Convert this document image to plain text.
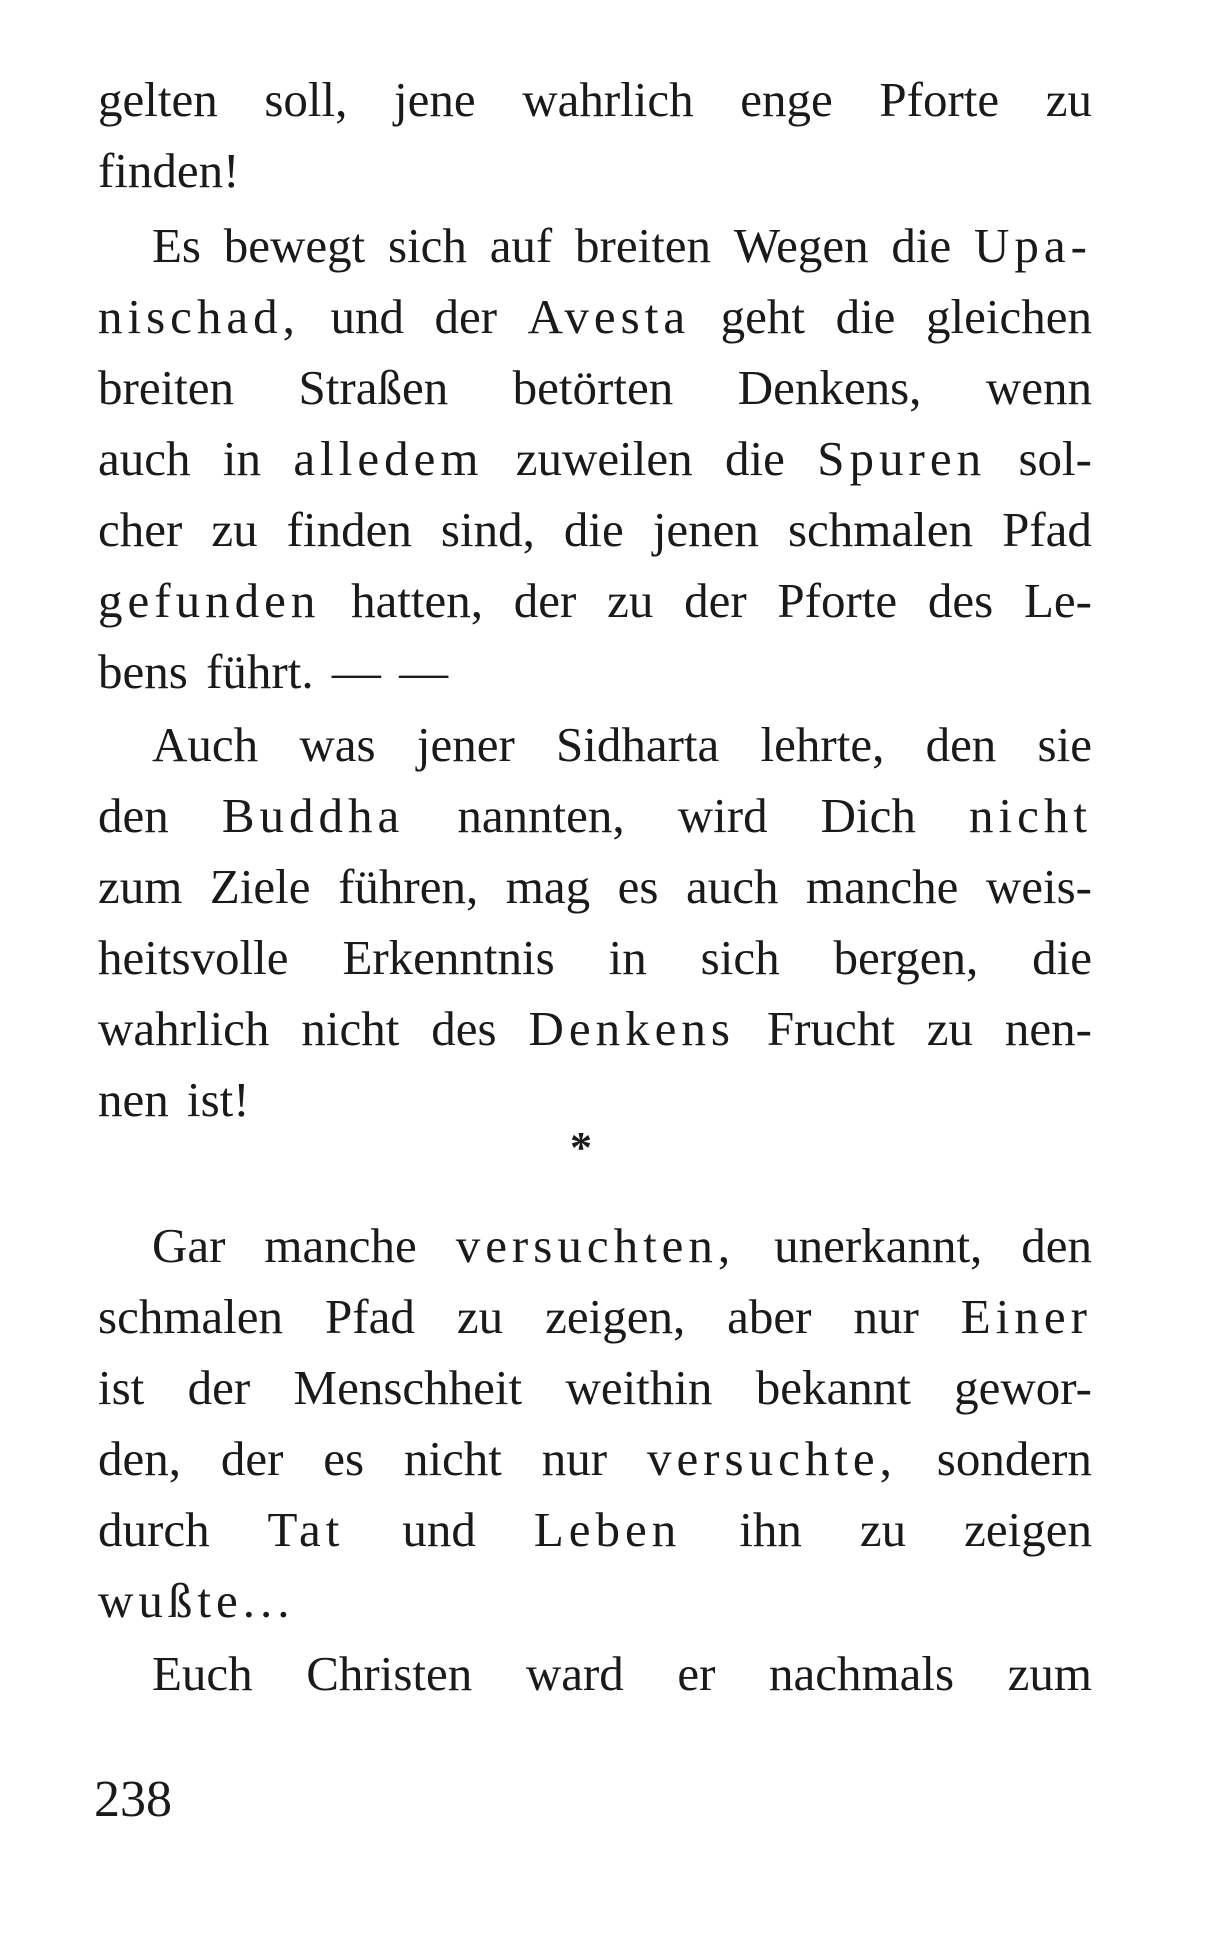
gelten soll, jene wahrlich enge Pforte zu
finden!
Es bewegt sich auf breiten Wegen die Upa-
nischad, und der Avesta geht die gleichen
breiten Straßen betörten Denkens, wenn
auch in alledem zuweilen die Spuren sol-
cher zu finden sind, die jenen schmalen Pfad
gefunden hatten, der zu der Pforte des Le-
bens
führt.
—
—
Auch was jener Sidharta lehrte, den sie
den Buddha nannten, wird Dich nicht
zum Ziele führen, mag es auch manche weis-
heitsvolle Erkenntnis in sich bergen, die
wahrlich nicht des Denkens Frucht zu nen-
nen
ist!
*
Gar manche versuchten, unerkannt, den
schmalen Pfad zu zeigen, aber nur Einer
ist der Menschheit weithin bekannt gewor-
den, der es nicht nur versuchte, sondern
durch Tat und Leben ihn zu zeigen
wußte...
Euch Christen ward er nachmals zum
238
